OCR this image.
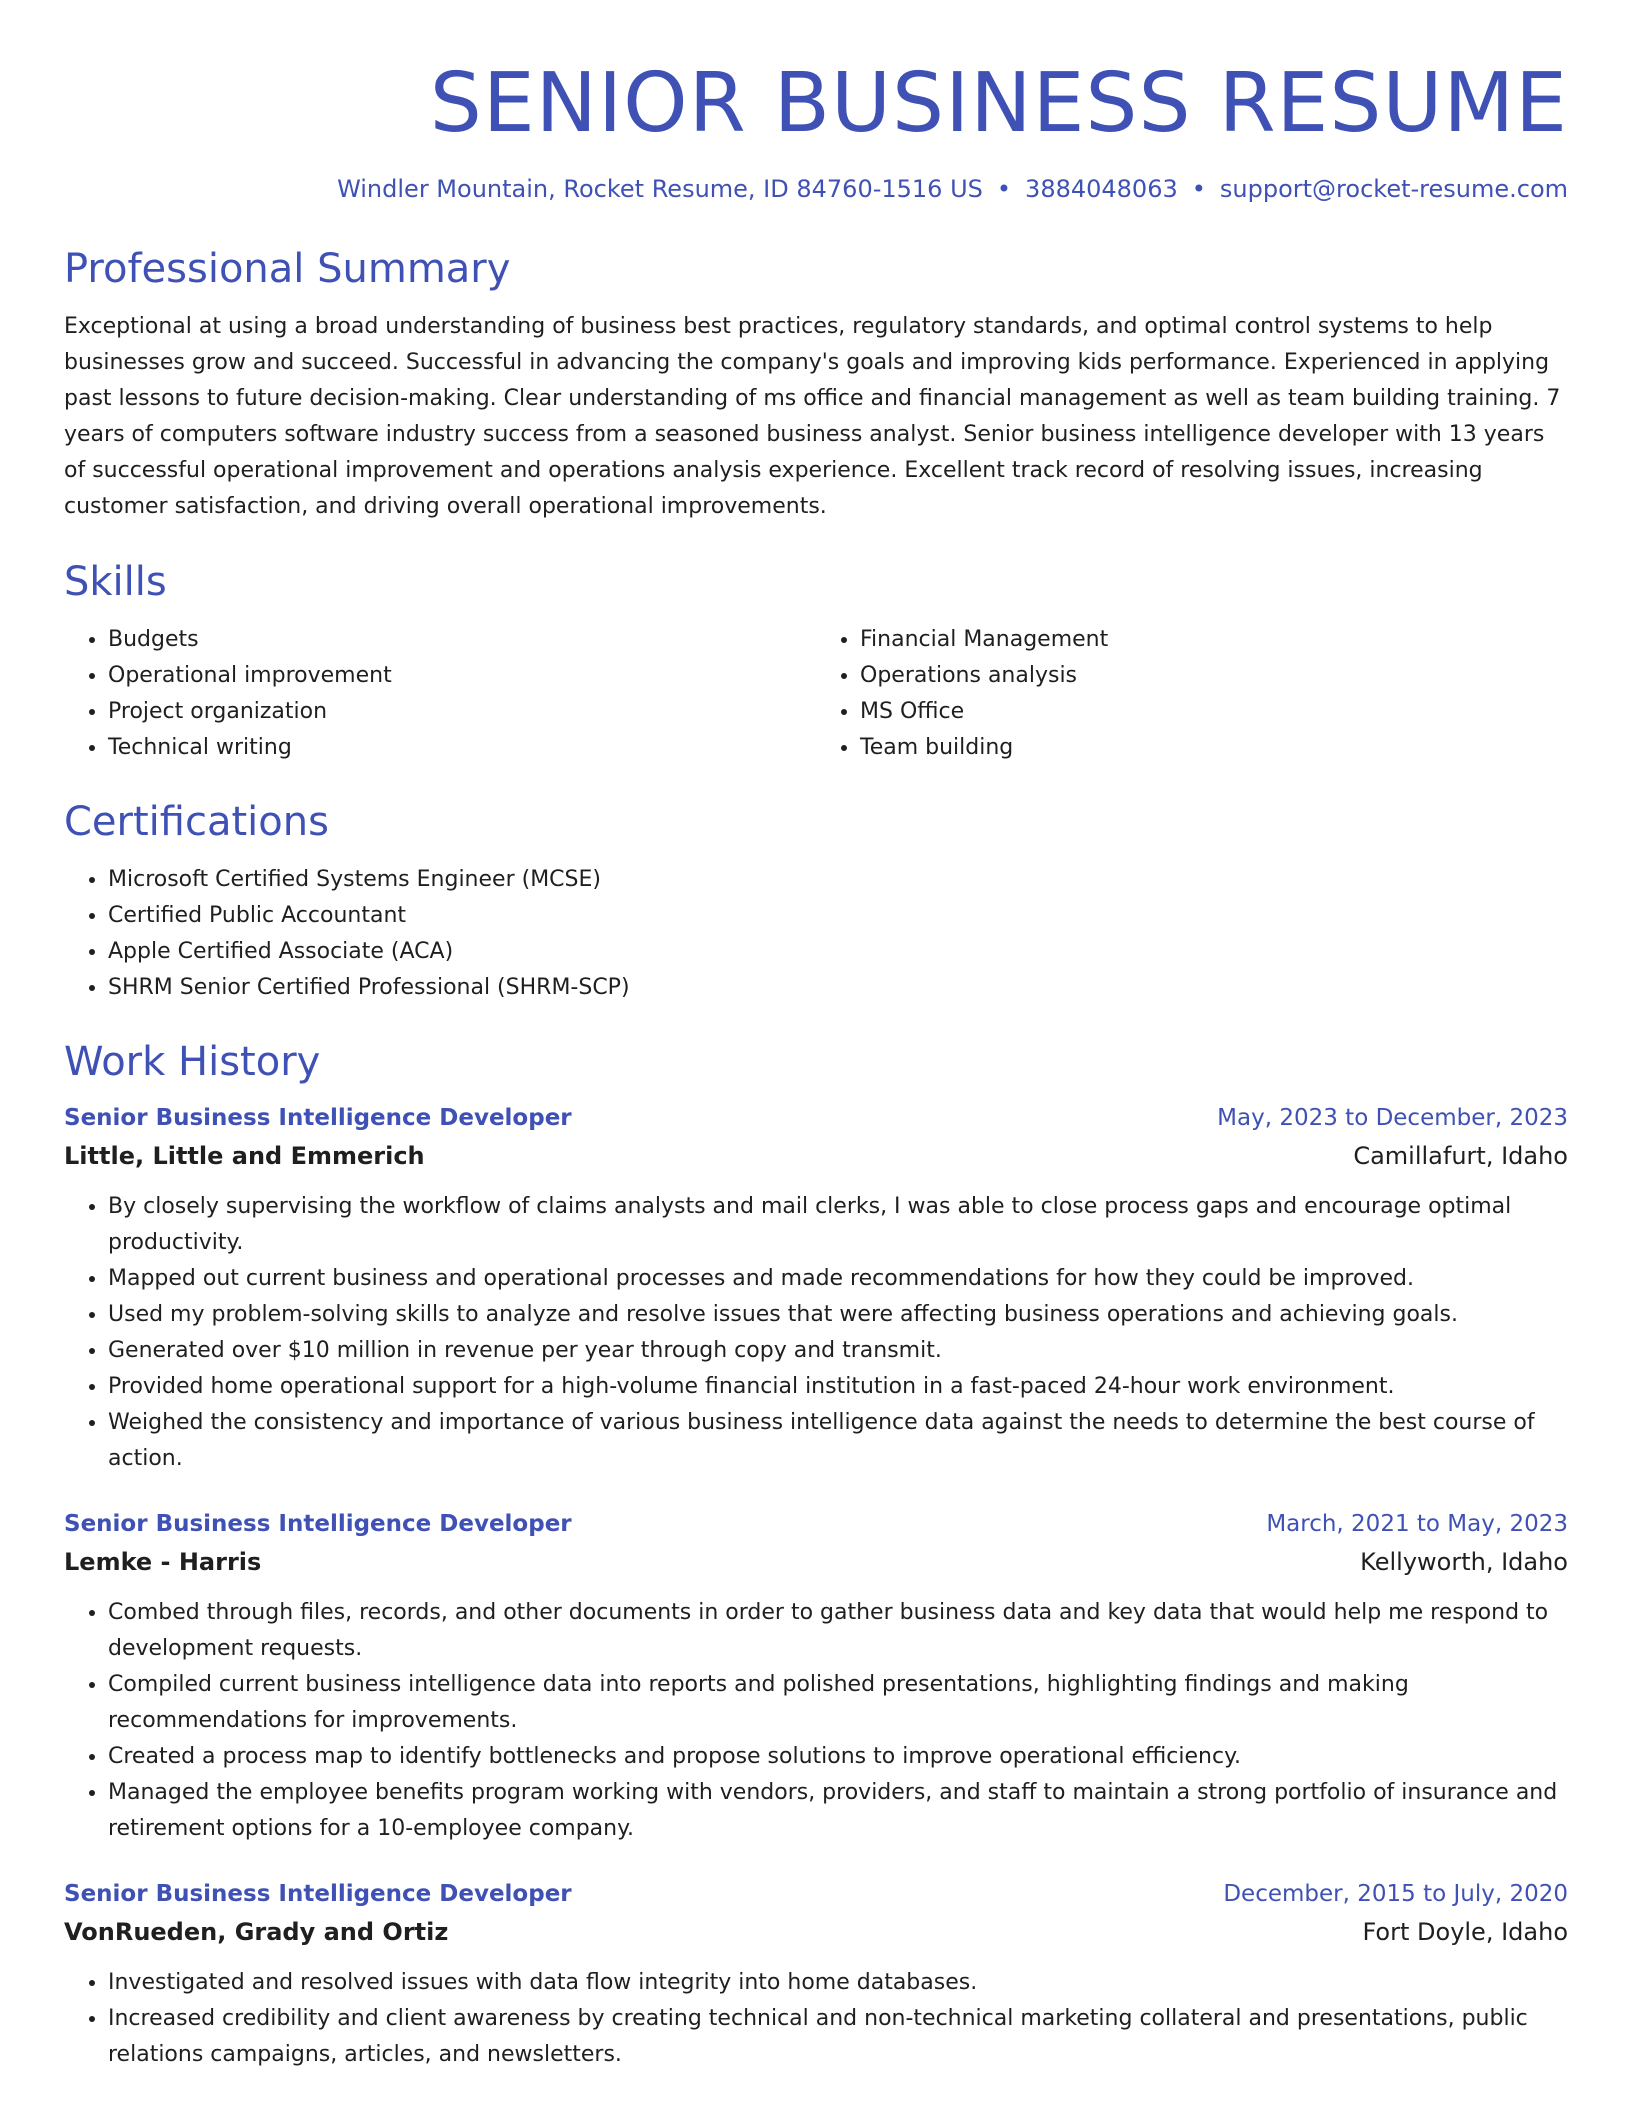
SENIOR BUSINESS RESUME
Windler Mountain, Rocket Resume, ID 84760-1516 US • 3884048063 • support@rocket-resume.com
Professional Summary

Exceptional at using a broad understanding of business best practices, regulatory standards, and optimal control systems to help businesses grow and succeed. Successful in advancing the company's goals and improving kids performance. Experienced in applying past lessons to future decision-making. Clear understanding of ms office and financial management as well as team building training. 7 years of computers software industry success from a seasoned business analyst. Senior business intelligence developer with 13 years of successful operational improvement and operations analysis experience. Excellent track record of resolving issues, increasing customer satisfaction, and driving overall operational improvements.

Skills
• Budgets
• Operational improvement
• Project organization
• Technical writing
• Financial Management
• Operations analysis
• MS Office
• Team building
Certifications
• Microsoft Certified Systems Engineer (MCSE)
• Certified Public Accountant
• Apple Certified Associate (ACA)
• SHRM Senior Certified Professional (SHRM-SCP)
Work History
Senior Business Intelligence Developer	May, 2023 to December, 2023
Little, Little and Emmerich	Camillafurt, Idaho
• By closely supervising the workflow of claims analysts and mail clerks, I was able to close process gaps and encourage optimal productivity.
• Mapped out current business and operational processes and made recommendations for how they could be improved.
• Used my problem-solving skills to analyze and resolve issues that were affecting business operations and achieving goals.
• Generated over $10 million in revenue per year through copy and transmit.
• Provided home operational support for a high-volume financial institution in a fast-paced 24-hour work environment.
• Weighed the consistency and importance of various business intelligence data against the needs to determine the best course of action.
Senior Business Intelligence Developer	March, 2021 to May, 2023
Lemke - Harris	Kellyworth, Idaho
• Combed through files, records, and other documents in order to gather business data and key data that would help me respond to development requests.
• Compiled current business intelligence data into reports and polished presentations, highlighting findings and making recommendations for improvements.
• Created a process map to identify bottlenecks and propose solutions to improve operational efficiency.
• Managed the employee benefits program working with vendors, providers, and staff to maintain a strong portfolio of insurance and retirement options for a 10-employee company.
Senior Business Intelligence Developer	December, 2015 to July, 2020
VonRueden, Grady and Ortiz	Fort Doyle, Idaho
• Investigated and resolved issues with data flow integrity into home databases.
• Increased credibility and client awareness by creating technical and non-technical marketing collateral and presentations, public relations campaigns, articles, and newsletters.
